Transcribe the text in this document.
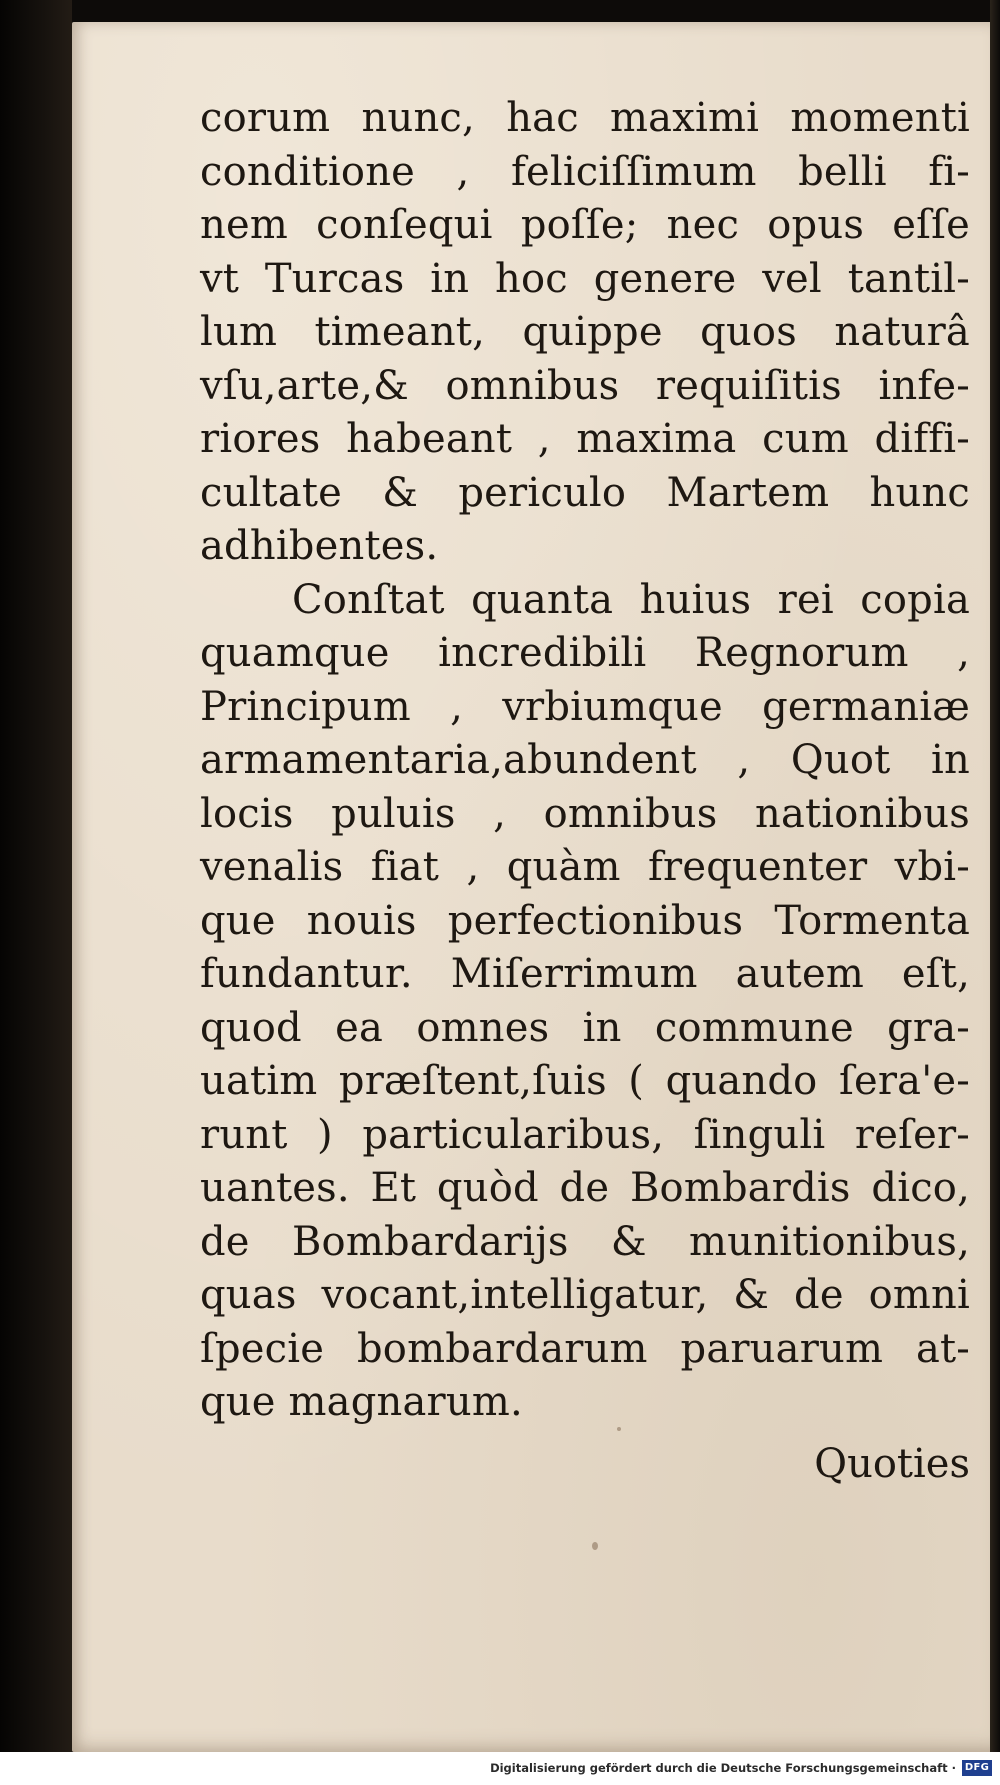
corum nunc, hac maximi momenti
conditione , feliciſſimum belli fi-
nem conſequi poſſe; nec opus eſſe
vt Turcas in hoc genere vel tantil-
lum timeant, quippe quos naturâ
vſu,arte,& omnibus requiſitis infe-
riores habeant , maxima cum diffi-
cultate & periculo Martem hunc
adhibentes.
Conſtat quanta huius rei copia
quamque incredibili Regnorum ,
Principum , vrbiumque germaniæ
armamentaria,abundent , Quot in
locis puluis , omnibus nationibus
venalis fiat , quàm frequenter vbi-
que nouis perfectionibus Tormenta
fundantur. Miſerrimum autem eſt,
quod ea omnes in commune gra-
uatim præſtent,ſuis ( quando ſera'e-
runt ) particularibus, ſinguli reſer-
uantes. Et quòd de Bombardis dico,
de Bombardarijs & munitionibus,
quas vocant,intelligatur, & de omni
ſpecie bombardarum paruarum at-
que magnarum.
Quoties
Digitalisierung gefördert durch die Deutsche Forschungsgemeinschaft · DFG
